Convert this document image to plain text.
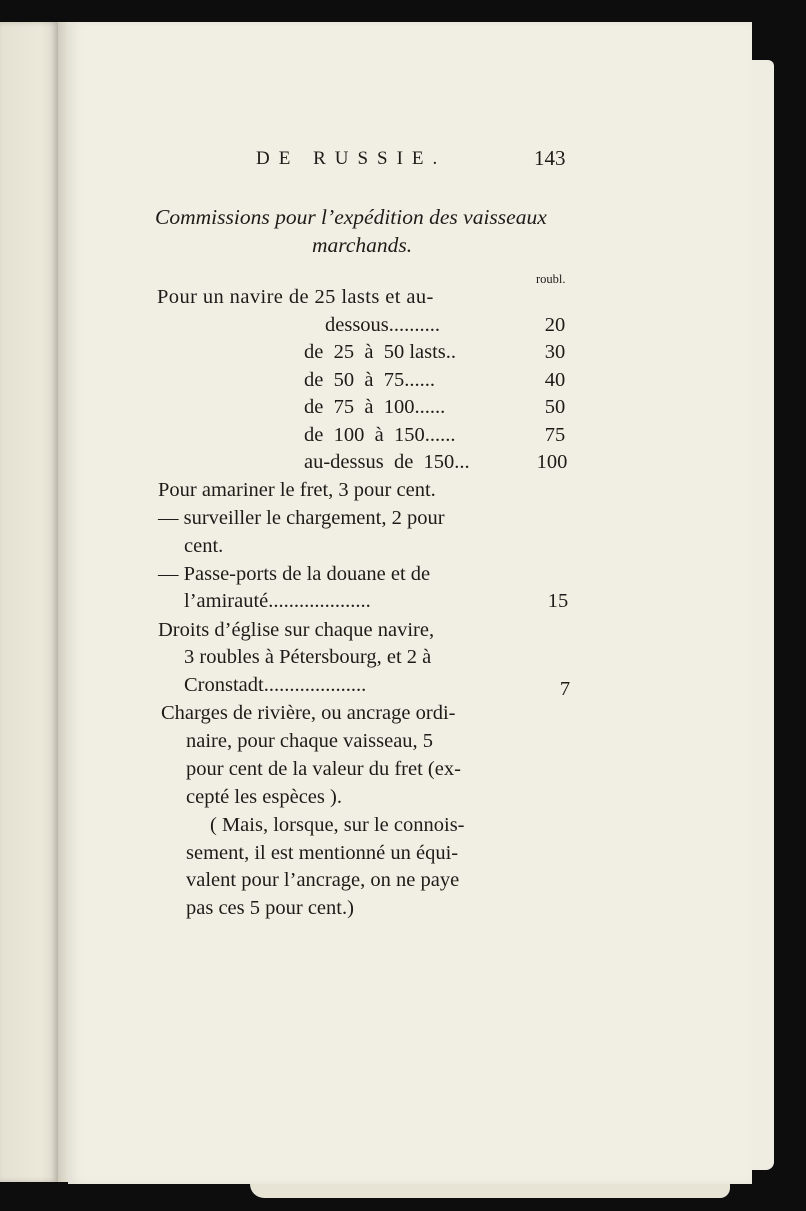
DE RUSSIE.	143
Commissions pour l’expédition des vaisseaux
marchands.
roubl.
Pour un navire de 25 lasts et au-
dessous..........
de  25  à  50 lasts..
de  50  à  75......
de  75  à  100......
de  100  à  150......
au-dessus  de  150...
Pour amariner le fret, 3 pour cent.
— surveiller le chargement, 2 pour
cent.
— Passe-ports de la douane et de
l’amirauté....................
Droits d’église sur chaque navire,
3 roubles à Pétersbourg, et 2 à
Cronstadt....................
Charges de rivière, ou ancrage ordi-
naire, pour chaque vaisseau, 5
pour cent de la valeur du fret (ex-
cepté les espèces ).
( Mais, lorsque, sur le connois-
sement, il est mentionné un équi-
valent pour l’ancrage, on ne paye
pas ces 5 pour cent.)
20
30
40
50
75
100
15
7
